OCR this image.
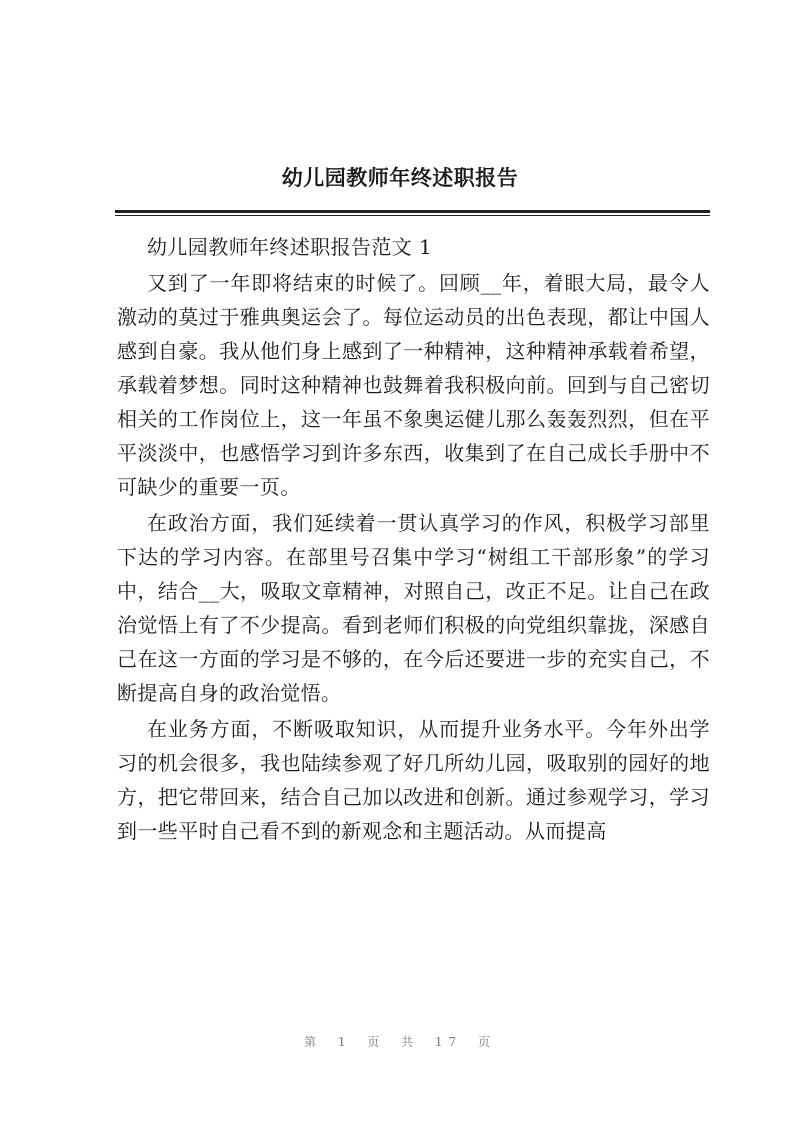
幼儿园教师年终述职报告

幼儿园教师年终述职报告范文 1

又到了一年即将结束的时候了。回顾__年，着眼大局，最令人激动的莫过于雅典奥运会了。每位运动员的出色表现，都让中国人感到自豪。我从他们身上感到了一种精神，这种精神承载着希望，承载着梦想。同时这种精神也鼓舞着我积极向前。回到与自己密切相关的工作岗位上，这一年虽不象奥运健儿那么轰轰烈烈，但在平平淡淡中，也感悟学习到许多东西，收集到了在自己成长手册中不可缺少的重要一页。

在政治方面，我们延续着一贯认真学习的作风，积极学习部里下达的学习内容。在部里号召集中学习“树组工干部形象”的学习中，结合__大，吸取文章精神，对照自己，改正不足。让自己在政治觉悟上有了不少提高。看到老师们积极的向党组织靠拢，深感自己在这一方面的学习是不够的，在今后还要进一步的充实自己，不断提高自身的政治觉悟。

在业务方面，不断吸取知识，从而提升业务水平。今年外出学习的机会很多，我也陆续参观了好几所幼儿园，吸取别的园好的地方，把它带回来，结合自己加以改进和创新。通过参观学习，学习到一些平时自己看不到的新观念和主题活动。从而提高

第 1 页 共 17 页
